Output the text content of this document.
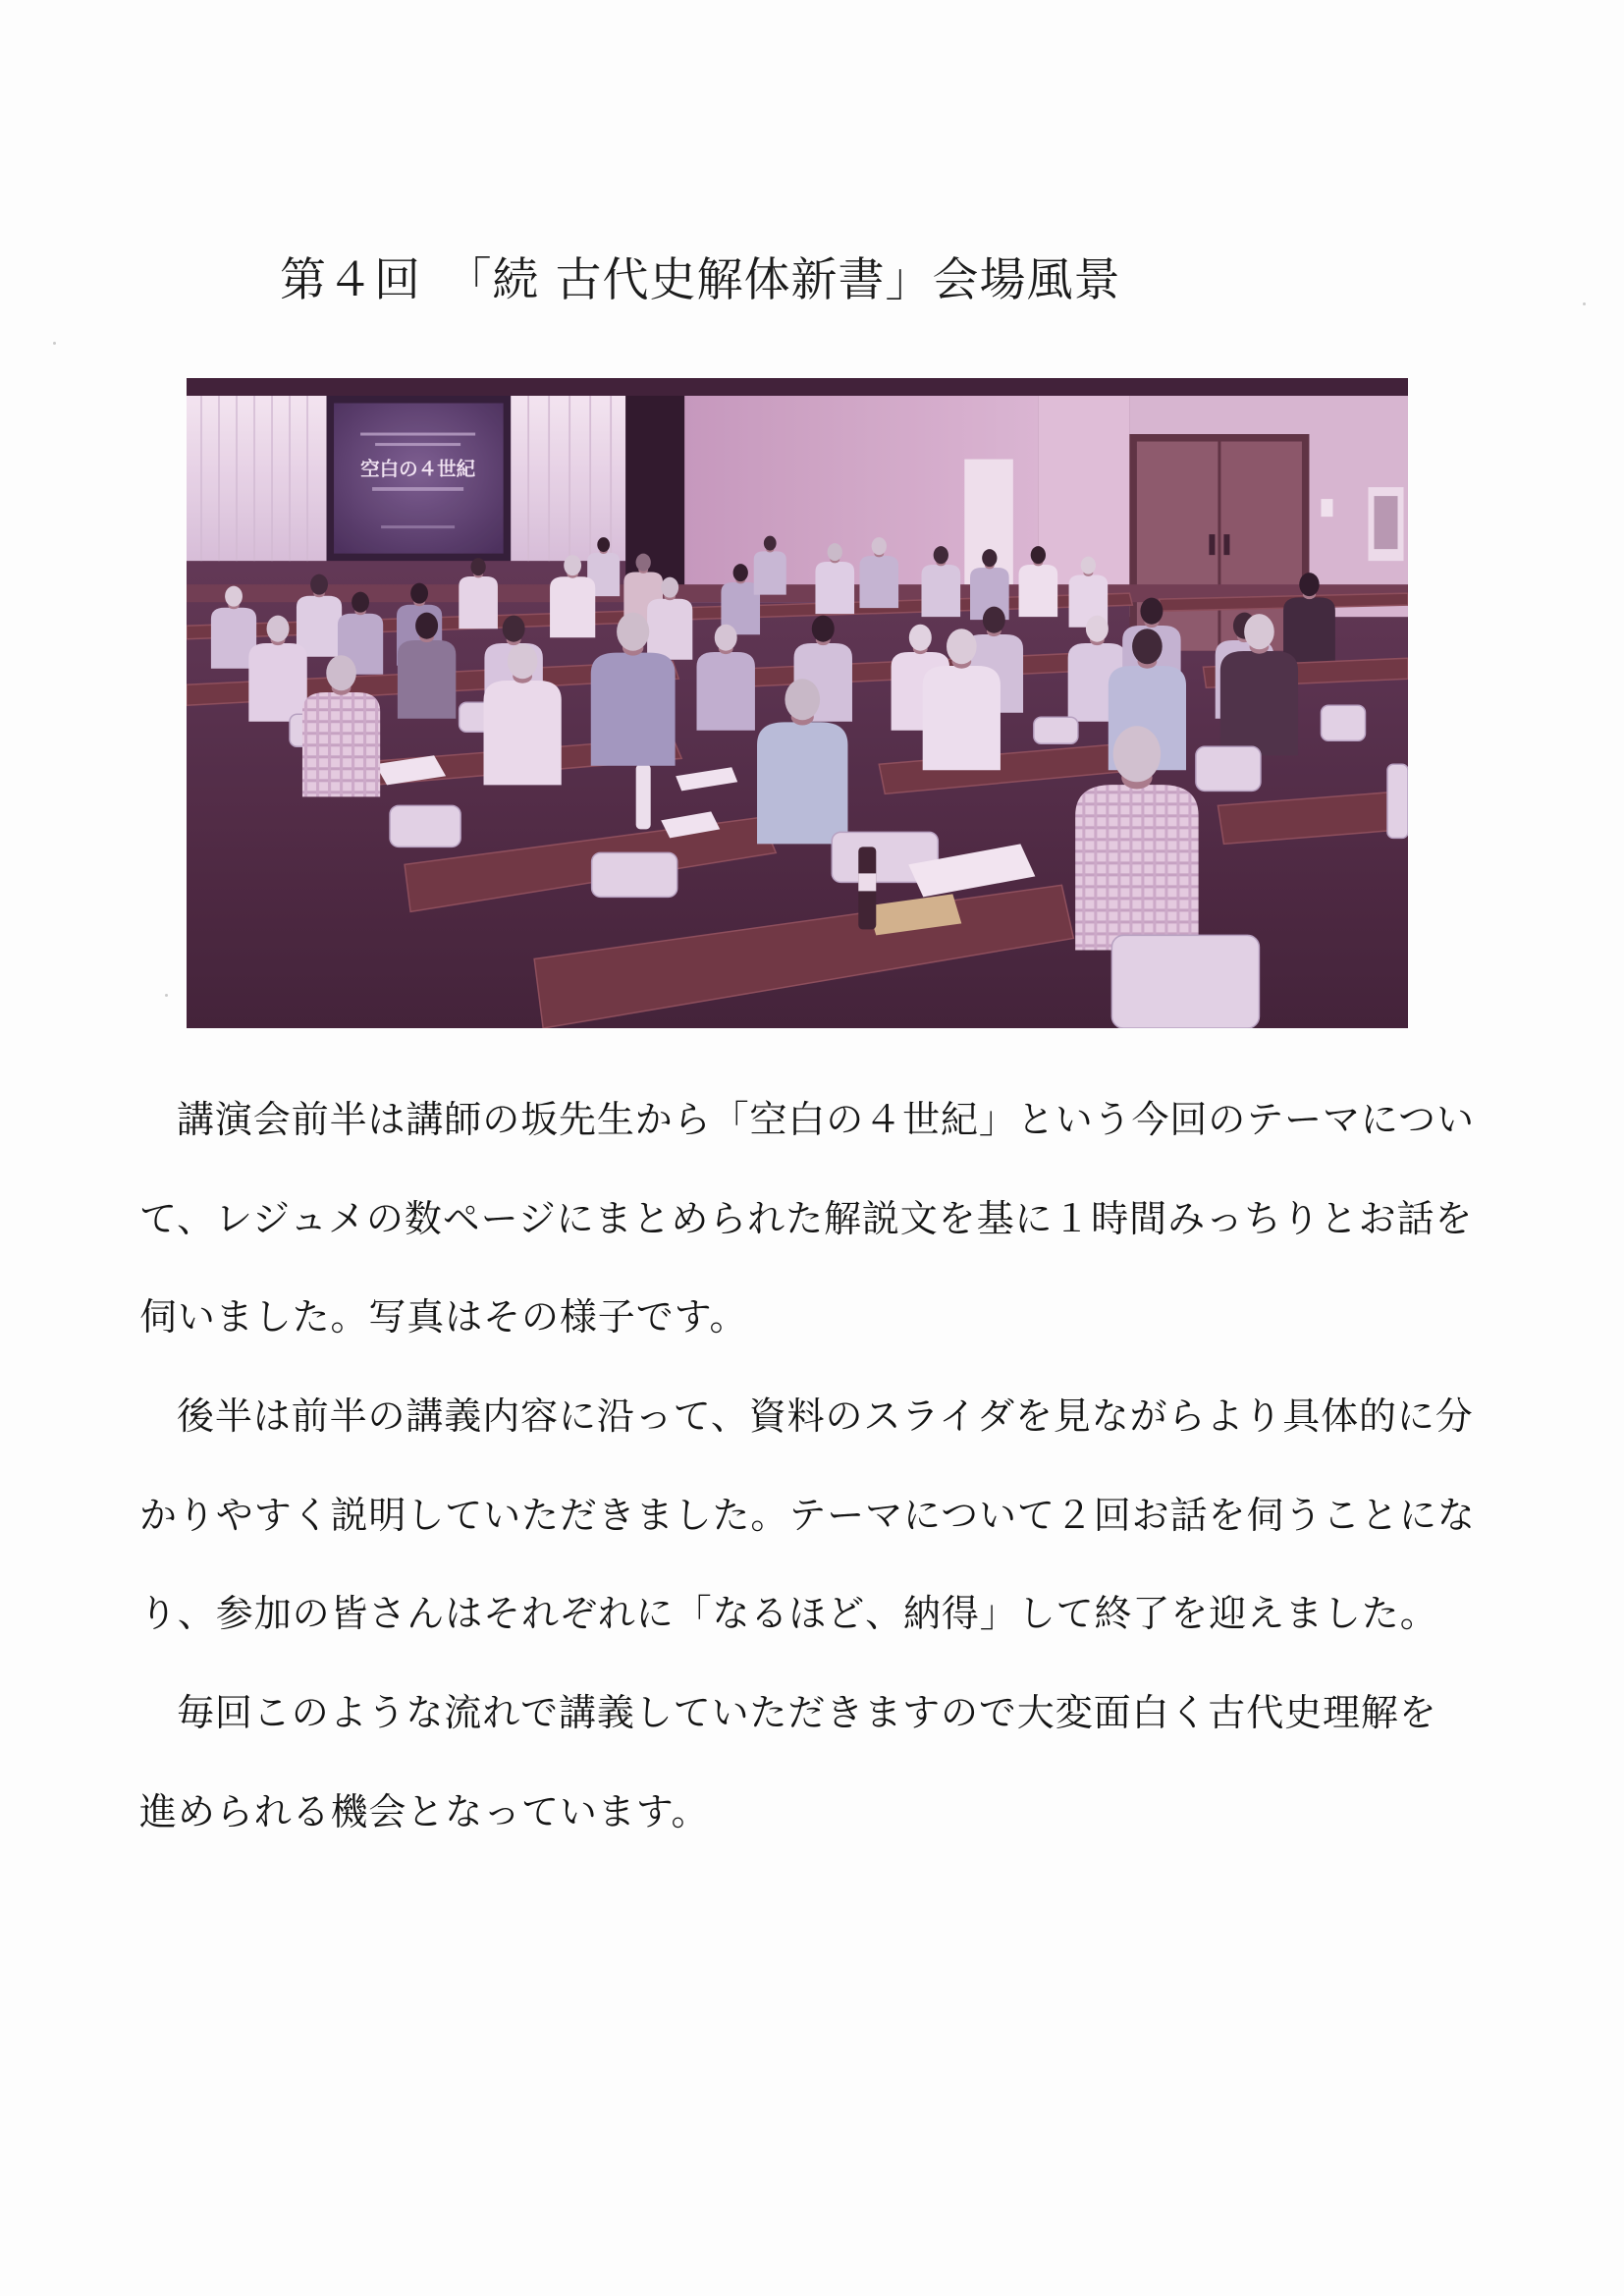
第４回　「続 古代史解体新書」会場風景
空白の４世紀
講演会前半は講師の坂先生から「空白の４世紀」という今回のテーマについ
て、レジュメの数ページにまとめられた解説文を基に１時間みっちりとお話を
伺いました。写真はその様子です。
後半は前半の講義内容に沿って、資料のスライダを見ながらより具体的に分
かりやすく説明していただきました。テーマについて２回お話を伺うことにな
り、参加の皆さんはそれぞれに「なるほど、納得」して終了を迎えました。
毎回このような流れで講義していただきますので大変面白く古代史理解を
進められる機会となっています。
